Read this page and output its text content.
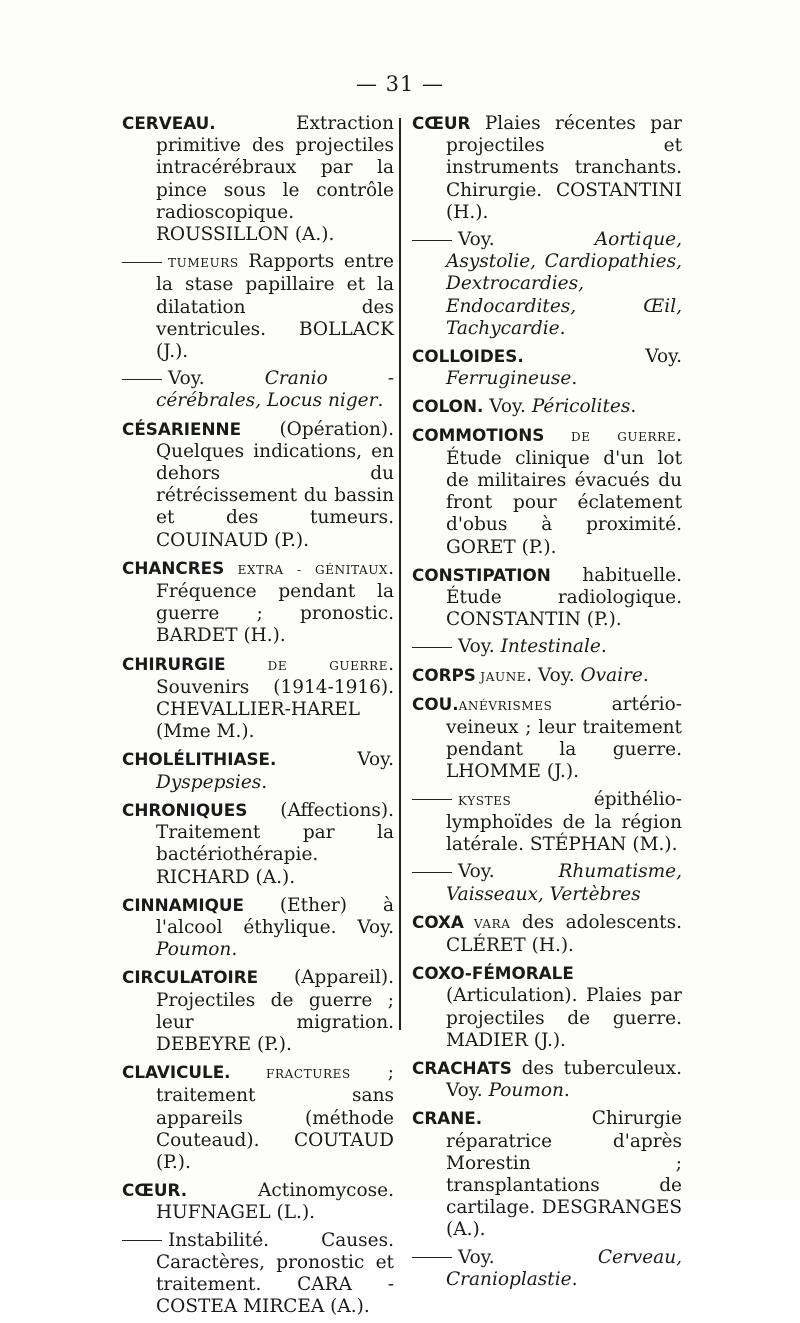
— 31 —
CERVEAU. Extraction primitive des projectiles intracérébraux par la pince sous le contrôle radioscopique. ROUSSILLON (A.).
TUMEURS Rapports entre la stase papillaire et la dilatation des ventricules. BOLLACK (J.).
Voy. Cranio - cérébrales, Locus niger.
CÉSARIENNE (Opération). Quelques indications, en dehors du rétrécissement du bassin et des tumeurs. COUINAUD (P.).
CHANCRES EXTRA - GÉNITAUX. Fréquence pendant la guerre ; pronostic. BARDET (H.).
CHIRURGIE DE GUERRE. Souvenirs (1914-1916). CHEVALLIER-HAREL (Mme M.).
CHOLÉLITHIASE. Voy. Dyspepsies.
CHRONIQUES (Affections). Traitement par la bactériothérapie. RICHARD (A.).
CINNAMIQUE (Ether) à l'alcool éthylique. Voy. Poumon.
CIRCULATOIRE (Appareil). Projectiles de guerre ; leur migration. DEBEYRE (P.).
CLAVICULE. FRACTURES ; traitement sans appareils (méthode Couteaud). COUTAUD (P.).
CŒUR. Actinomycose. HUFNAGEL (L.).
Instabilité. Causes. Caractères, pronostic et traitement. CARA - COSTEA MIRCEA (A.).
CŒUR Plaies récentes par projectiles et instruments tranchants. Chirurgie. COSTANTINI (H.).
Voy. Aortique, Asystolie, Cardiopathies, Dextrocardies, Endocardites, Œil, Tachycardie.
COLLOIDES. Voy. Ferrugineuse.
COLON. Voy. Péricolites.
COMMOTIONS DE GUERRE. Étude clinique d'un lot de militaires évacués du front pour éclatement d'obus à proximité. GORET (P.).
CONSTIPATION habituelle. Étude radiologique. CONSTANTIN (P.).
Voy. Intestinale.
CORPS JAUNE. Voy. Ovaire.
COU.ANÉVRISMES artério-veineux ; leur traitement pendant la guerre. LHOMME (J.).
KYSTES épithélio-lymphoïdes de la région latérale. STÉPHAN (M.).
Voy. Rhumatisme, Vaisseaux, Vertèbres
COXA VARA des adolescents. CLÉRET (H.).
COXO-FÉMORALE (Articulation). Plaies par projectiles de guerre. MADIER (J.).
CRACHATS des tuberculeux. Voy. Poumon.
CRANE. Chirurgie réparatrice d'après Morestin ; transplantations de cartilage. DESGRANGES (A.).
Voy. Cerveau, Cranioplastie.
